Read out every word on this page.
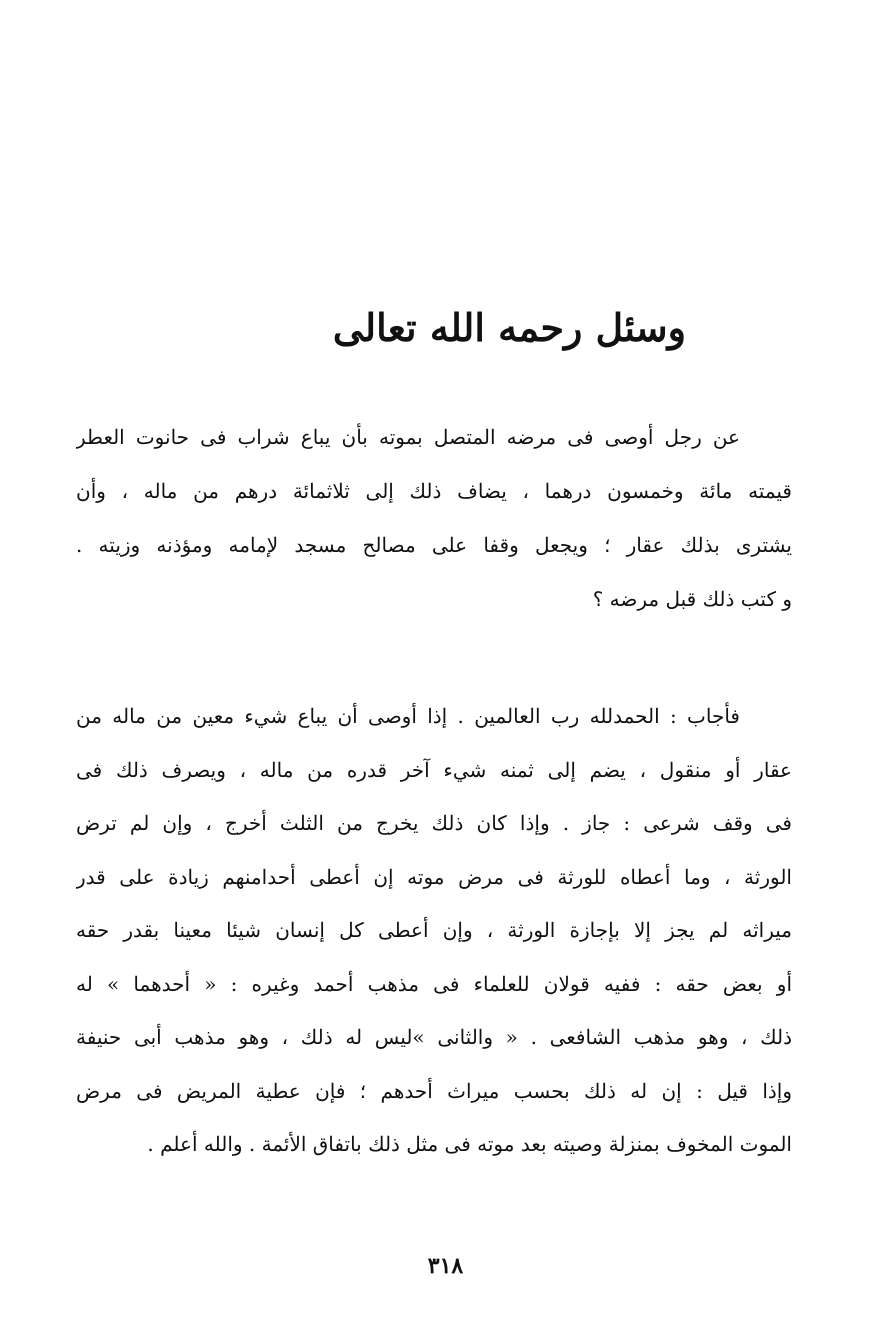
وسئل رحمه الله تعالى
عن رجل أوصى فى مرضه المتصل بموته بأن يباع شراب فى حانوت العطر
قيمته مائة وخمسون درهما ، يضاف ذلك إلى ثلاثمائة درهم من ماله ، وأن
يشترى بذلك عقار ؛ ويجعل وقفا على مصالح مسجد لإمامه ومؤذنه وزيته .
و كتب ذلك قبل مرضه ؟
فأجاب : الحمدلله رب العالمين . إذا أوصى أن يباع شيء معين من ماله من
عقار أو منقول ، يضم إلى ثمنه شيء آخر قدره من ماله ، ويصرف ذلك فى
فى وقف شرعى : جاز . وإذا كان ذلك يخرج من الثلث أخرج ، وإن لم ترض
الورثة ، وما أعطاه للورثة فى مرض موته إن أعطى أحدامنهم زيادة على قدر
ميراثه لم يجز إلا بإجازة الورثة ، وإن أعطى كل إنسان شيئا معينا بقدر حقه
أو بعض حقه : ففيه قولان للعلماء فى مذهب أحمد وغيره : « أحدهما » له
ذلك ، وهو مذهب الشافعى . « والثانى »ليس له ذلك ، وهو مذهب أبى حنيفة
وإذا قيل : إن له ذلك بحسب ميراث أحدهم ؛ فإن عطية المريض فى مرض
الموت المخوف بمنزلة وصيته بعد موته فى مثل ذلك باتفاق الأئمة . والله أعلم .
٣١٨
